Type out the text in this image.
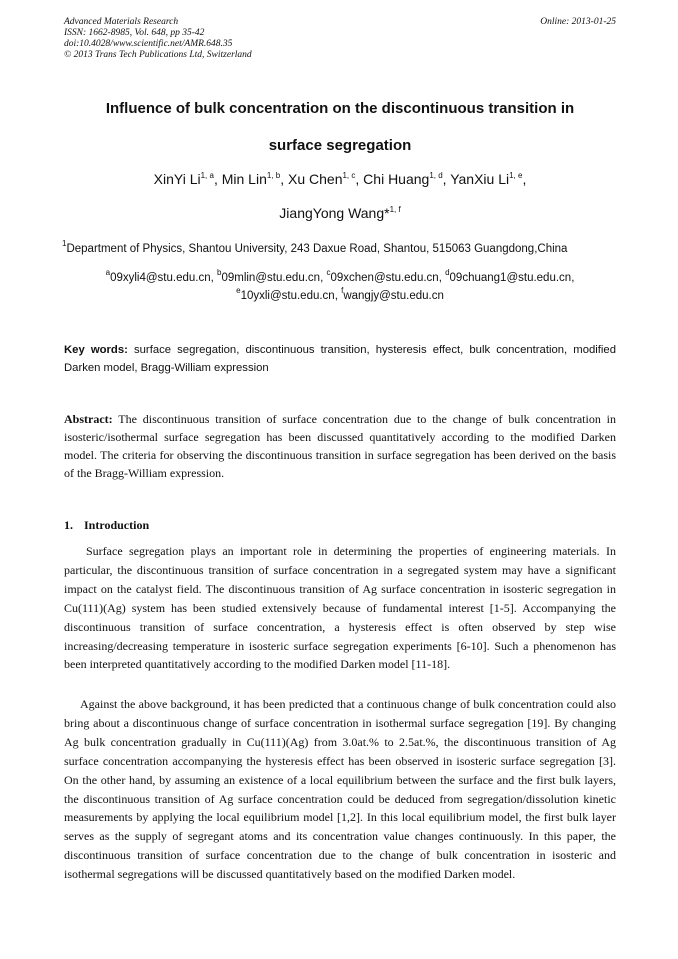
Advanced Materials Research
ISSN: 1662-8985, Vol. 648, pp 35-42
doi:10.4028/www.scientific.net/AMR.648.35
© 2013 Trans Tech Publications Ltd, Switzerland
Online: 2013-01-25
Influence of bulk concentration on the discontinuous transition in
surface segregation
XinYi Li$^{1, a}$, Min Lin$^{1, b}$, Xu Chen$^{1, c}$, Chi Huang$^{1, d}$, YanXiu Li$^{1, e}$,
JiangYong Wang*$^{1, f}$
$^1$Department of Physics, Shantou University, 243 Daxue Road, Shantou, 515063 Guangdong,China
$^a$09xyli4@stu.edu.cn, $^b$09mlin@stu.edu.cn, $^c$09xchen@stu.edu.cn, $^d$09chuang1@stu.edu.cn,
$^e$10yxli@stu.edu.cn, $^f$wangjy@stu.edu.cn
Key words: surface segregation, discontinuous transition, hysteresis effect, bulk concentration, modified Darken model, Bragg-William expression
Abstract: The discontinuous transition of surface concentration due to the change of bulk concentration in isosteric/isothermal surface segregation has been discussed quantitatively according to the modified Darken model. The criteria for observing the discontinuous transition in surface segregation has been derived on the basis of the Bragg-William expression.
1. Introduction
Surface segregation plays an important role in determining the properties of engineering materials. In particular, the discontinuous transition of surface concentration in a segregated system may have a significant impact on the catalyst field. The discontinuous transition of Ag surface concentration in isosteric segregation in Cu(111)(Ag) system has been studied extensively because of fundamental interest [1-5]. Accompanying the discontinuous transition of surface concentration, a hysteresis effect is often observed by step wise increasing/decreasing temperature in isosteric surface segregation experiments [6-10]. Such a phenomenon has been interpreted quantitatively according to the modified Darken model [11-18].
Against the above background, it has been predicted that a continuous change of bulk concentration could also bring about a discontinuous change of surface concentration in isothermal surface segregation [19]. By changing Ag bulk concentration gradually in Cu(111)(Ag) from 3.0at.% to 2.5at.%, the discontinuous transition of Ag surface concentration accompanying the hysteresis effect has been observed in isosteric surface segregation [3]. On the other hand, by assuming an existence of a local equilibrium between the surface and the first bulk layers, the discontinuous transition of Ag surface concentration could be deduced from segregation/dissolution kinetic measurements by applying the local equilibrium model [1,2]. In this local equilibrium model, the first bulk layer serves as the supply of segregant atoms and its concentration value changes continuously. In this paper, the discontinuous transition of surface concentration due to the change of bulk concentration in isosteric and isothermal segregations will be discussed quantitatively based on the modified Darken model.
